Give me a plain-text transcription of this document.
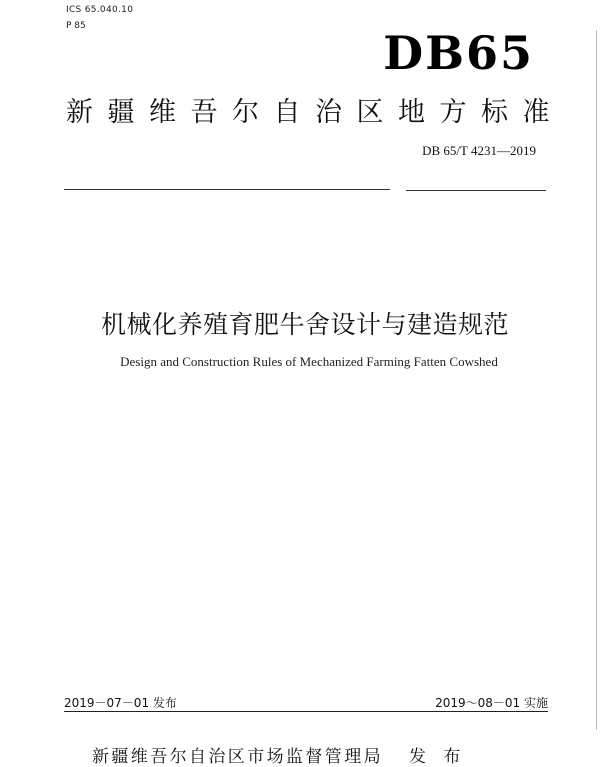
ICS 65.040.10
P 85	DB65
新疆维吾尔自治区地方标准
DB 65/T 4231—2019
机械化养殖育肥牛舍设计与建造规范
Design and Construction Rules of Mechanized Farming Fatten Cowshed
2019－07－01 发布	2019～08－01 实施
新疆维吾尔自治区市场监督管理局 发 布
